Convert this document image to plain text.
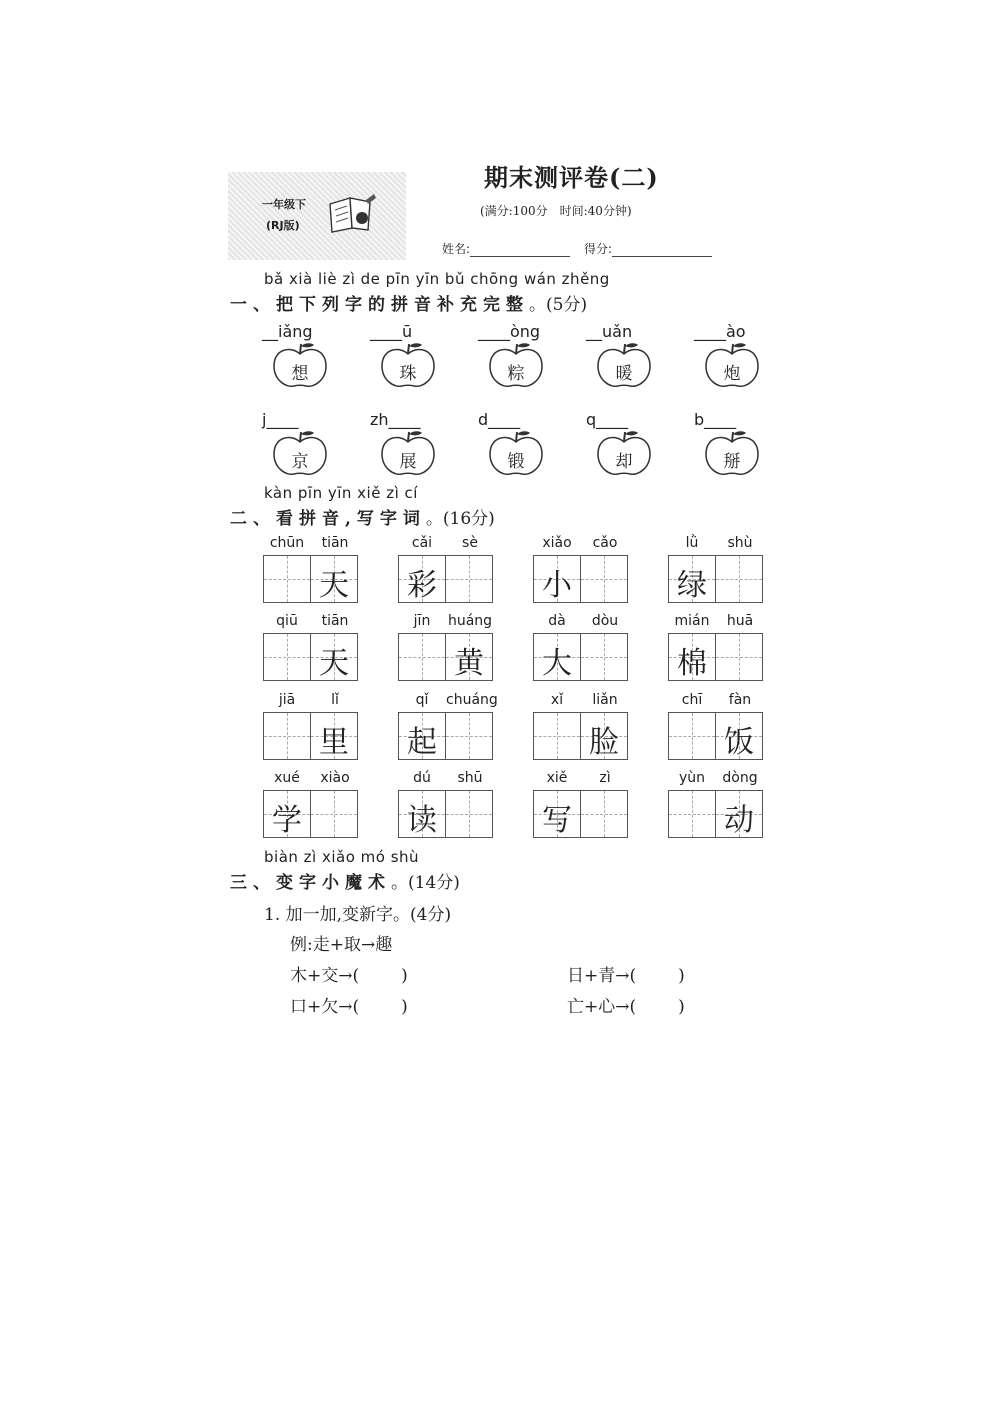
一年级下
(RJ版)
期末测评卷(二)
(满分:100分　时间:40分钟)
姓名:	得分:
bǎ xià liè zì de pīn yīn bǔ chōng wán zhěng
一、把下列字的拼音补充完整。(5分)
__iǎng
想
____ū
珠
____òng
粽
__uǎn
暖
____ào
炮
j____
京
zh____
展
d____
锻
q____
却
b____
掰
kàn pīn yīn xiě zì cí
二、看拼音,写字词。(16分)
chūn	tiān
天
cǎi	sè
彩
xiǎo	cǎo
小
lǜ	shù
绿
qiū	tiān
天
jīn	huáng
黄
dà	dòu
大
mián	huā
棉
jiā	lǐ
里
qǐ	chuáng
起
xǐ	liǎn
脸
chī	fàn
饭
xué	xiào
学
dú	shū
读
xiě	zì
写
yùn	dòng
动
biàn zì xiǎo mó shù
三、变字小魔术。(14分)
1. 加一加,变新字。(4分)
例:走+取→趣
木+交→( )	日+青→( )
口+欠→( )	亡+心→( )
